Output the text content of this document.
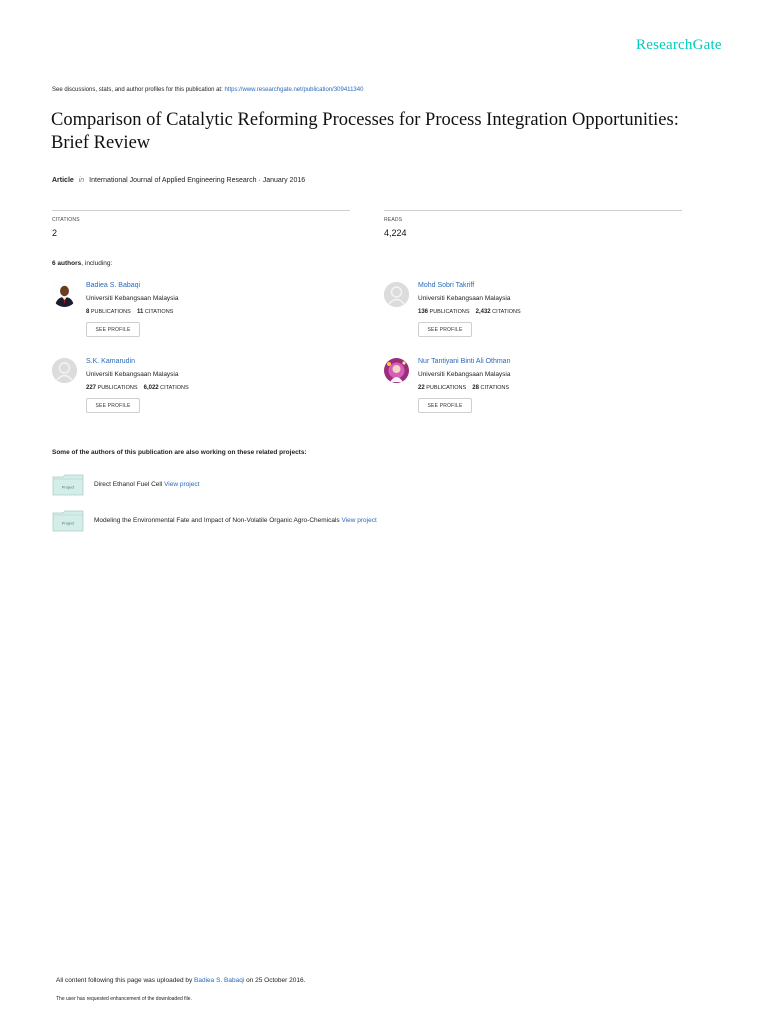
ResearchGate
See discussions, stats, and author profiles for this publication at: https://www.researchgate.net/publication/309411340
Comparison of Catalytic Reforming Processes for Process Integration Opportunities: Brief Review
Article in International Journal of Applied Engineering Research · January 2016
CITATIONS
2
READS
4,224
6 authors, including:
Badiea S. Babaqi
Universiti Kebangsaan Malaysia
8 PUBLICATIONS 11 CITATIONS
SEE PROFILE
Mohd Sobri Takriff
Universiti Kebangsaan Malaysia
136 PUBLICATIONS 2,432 CITATIONS
SEE PROFILE
S.K. Kamarudin
Universiti Kebangsaan Malaysia
227 PUBLICATIONS 6,022 CITATIONS
SEE PROFILE
Nur Tantiyani Binti Ali Othman
Universiti Kebangsaan Malaysia
22 PUBLICATIONS 28 CITATIONS
SEE PROFILE
Some of the authors of this publication are also working on these related projects:
Project	Direct Ethanol Fuel Cell View project
Project	Modeling the Environmental Fate and Impact of Non-Volatile Organic Agro-Chemicals View project
All content following this page was uploaded by Badiea S. Babaqi on 25 October 2016.
The user has requested enhancement of the downloaded file.
